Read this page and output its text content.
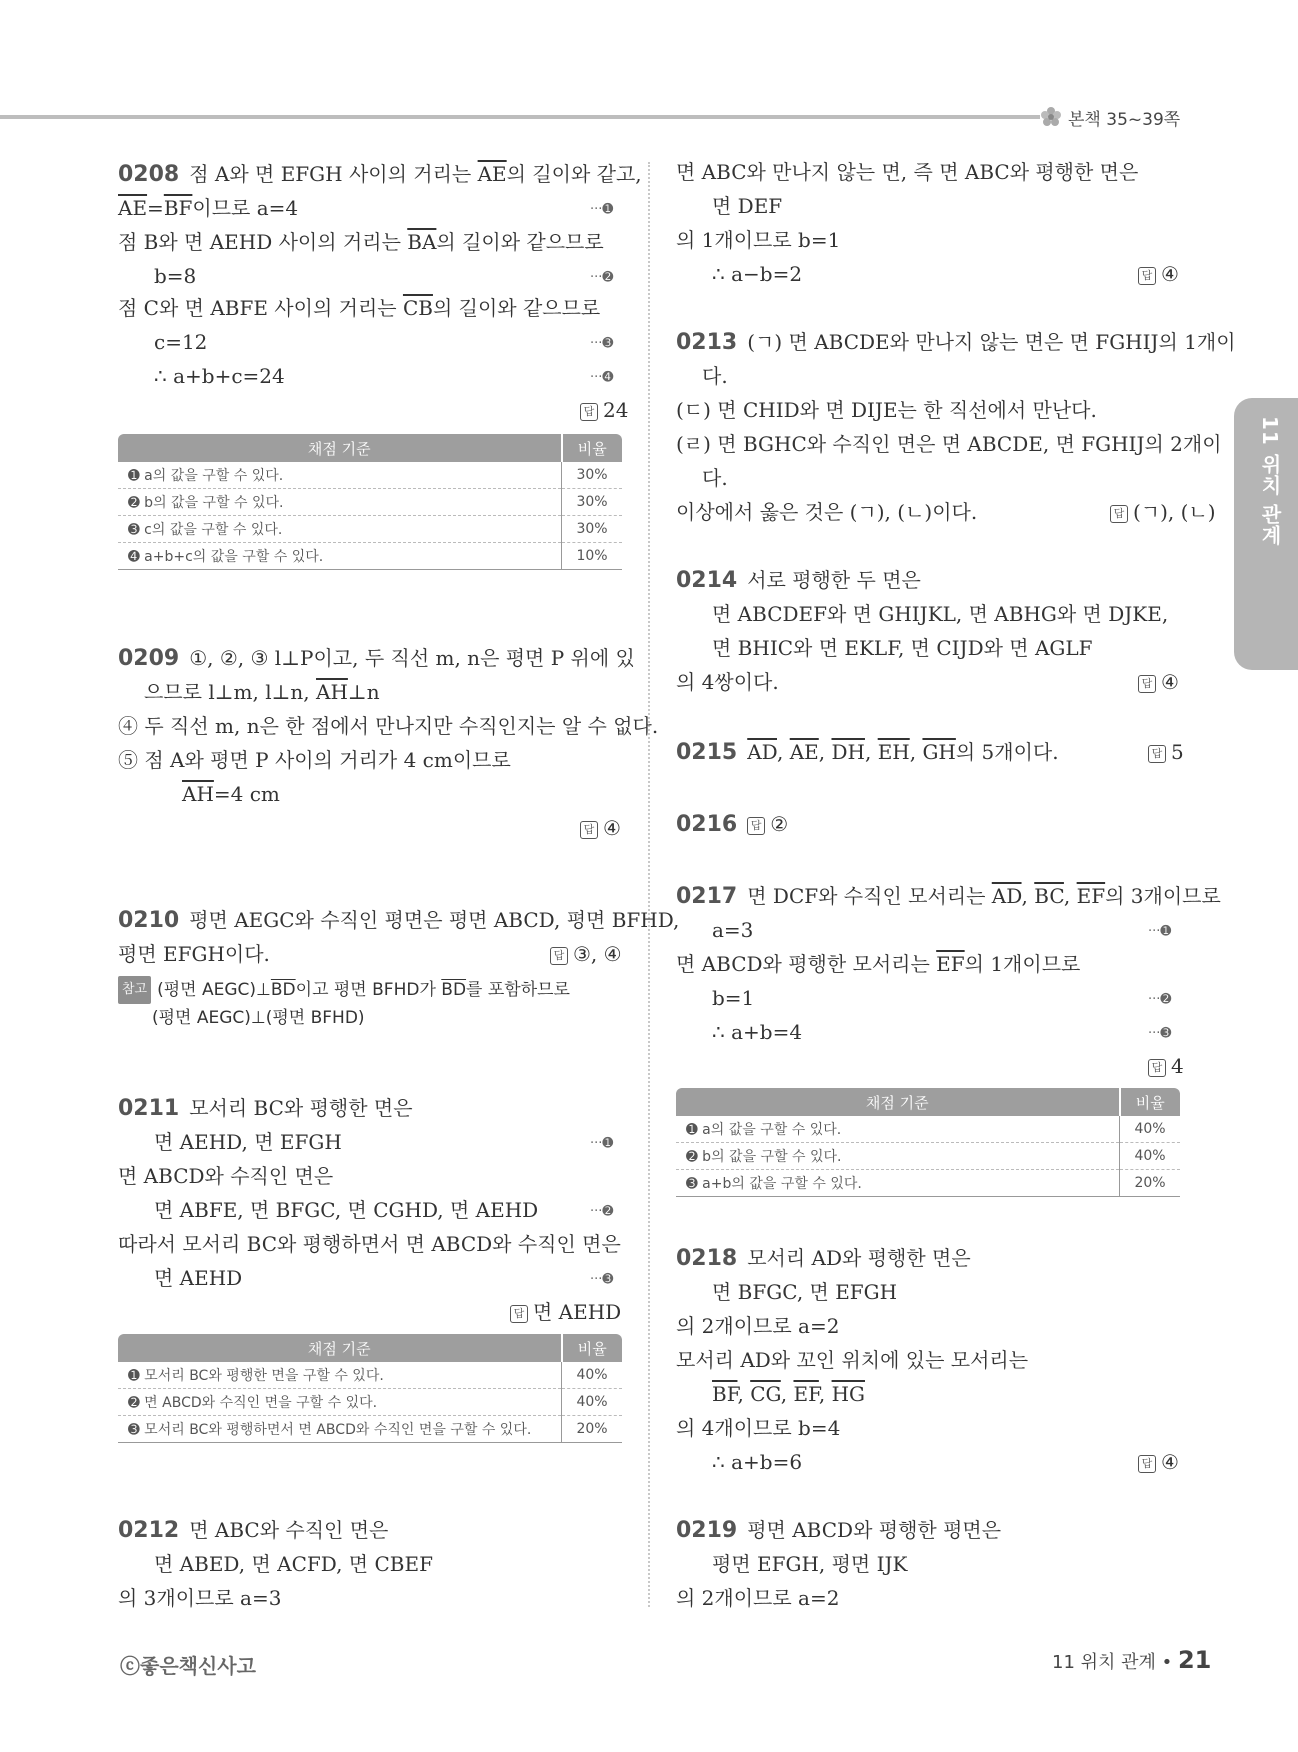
본책 35~39쪽
11 위치 관계
0208 점 A와 면 EFGH 사이의 거리는 $\overline{AE}$의 길이와 같고,
$\overline{AE}=\overline{BF}$이므로 a=4	···➊
점 B와 면 AEHD 사이의 거리는 $\overline{BA}$의 길이와 같으므로
b=8	···➋
점 C와 면 ABFE 사이의 거리는 $\overline{CB}$의 길이와 같으므로
c=12	···➌
∴ a+b+c=24	···➍
답 24
채점 기준	비율
➊ a의 값을 구할 수 있다.	30%
➋ b의 값을 구할 수 있다.	30%
➌ c의 값을 구할 수 있다.	30%
➍ a+b+c의 값을 구할 수 있다.	10%
0209 ①, ②, ③ l⊥P이고, 두 직선 m, n은 평면 P 위에 있
으므로 l⊥m, l⊥n, $\overline{AH}\perp n$
④ 두 직선 m, n은 한 점에서 만나지만 수직인지는 알 수 없다.
⑤ 점 A와 평면 P 사이의 거리가 4 cm이므로
$\overline{AH}=4$ cm
답 ④
0210 평면 AEGC와 수직인 평면은 평면 ABCD, 평면 BFHD,
평면 EFGH이다.	답 ③, ④
참고 (평면 $AEGC)\perp\overline{BD}$이고 평면 BFHD가 $\overline{BD}$를 포함하므로
(평면 AEGC)⊥(평면 BFHD)
0211 모서리 BC와 평행한 면은
면 AEHD, 면 EFGH	···➊
면 ABCD와 수직인 면은
면 ABFE, 면 BFGC, 면 CGHD, 면 AEHD	···➋
따라서 모서리 BC와 평행하면서 면 ABCD와 수직인 면은
면 AEHD	···➌
답 면 AEHD
채점 기준	비율
➊ 모서리 BC와 평행한 면을 구할 수 있다.	40%
➋ 면 ABCD와 수직인 면을 구할 수 있다.	40%
➌ 모서리 BC와 평행하면서 면 ABCD와 수직인 면을 구할 수 있다.	20%
0212 면 ABC와 수직인 면은
면 ABED, 면 ACFD, 면 CBEF
의 3개이므로 a=3
면 ABC와 만나지 않는 면, 즉 면 ABC와 평행한 면은
면 DEF
의 1개이므로 b=1
∴ a−b=2	답 ④
0213 (ㄱ) 면 ABCDE와 만나지 않는 면은 면 FGHIJ의 1개이
다.
(ㄷ) 면 CHID와 면 DIJE는 한 직선에서 만난다.
(ㄹ) 면 BGHC와 수직인 면은 면 ABCDE, 면 FGHIJ의 2개이
다.
이상에서 옳은 것은 (ㄱ), (ㄴ)이다.	답 (ㄱ), (ㄴ)
0214 서로 평행한 두 면은
면 ABCDEF와 면 GHIJKL, 면 ABHG와 면 DJKE,
면 BHIC와 면 EKLF, 면 CIJD와 면 AGLF
의 4쌍이다.	답 ④
0215 $\overline{AD}$, $\overline{AE}$, $\overline{DH}$, $\overline{EH}$, $\overline{GH}$의 5개이다.	답 5
0216 답 ②
0217 면 DCF와 수직인 모서리는 $\overline{AD}$, $\overline{BC}$, $\overline{EF}$의 3개이므로
a=3	···➊
면 ABCD와 평행한 모서리는 $\overline{EF}$의 1개이므로
b=1	···➋
∴ a+b=4	···➌
답 4
채점 기준	비율
➊ a의 값을 구할 수 있다.	40%
➋ b의 값을 구할 수 있다.	40%
➌ a+b의 값을 구할 수 있다.	20%
0218 모서리 AD와 평행한 면은
면 BFGC, 면 EFGH
의 2개이므로 a=2
모서리 AD와 꼬인 위치에 있는 모서리는
$\overline{BF}$, $\overline{CG}$, $\overline{EF}$, $\overline{HG}$
의 4개이므로 b=4
∴ a+b=6	답 ④
0219 평면 ABCD와 평행한 평면은
평면 EFGH, 평면 IJK
의 2개이므로 a=2
ⓒ좋은책신사고	11 위치 관계 • 21
